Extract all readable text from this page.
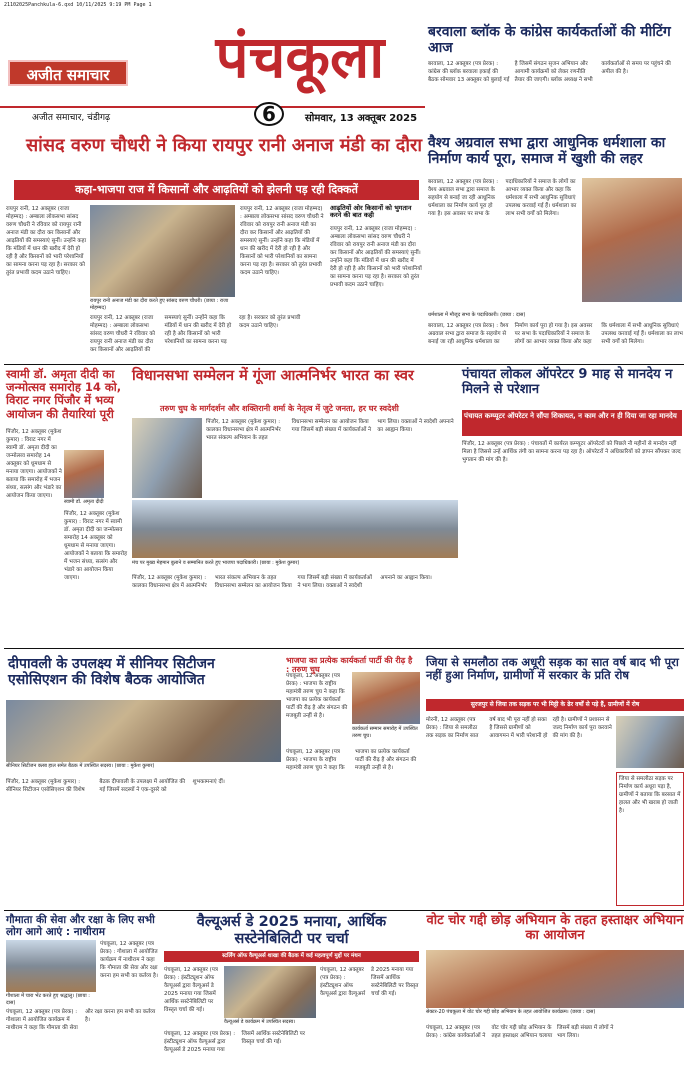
21102025Panchkula-6.qxd 10/11/2025 9:19 PM Page 1
अजीत समाचार	पंचकूला
अजीत समाचार, चंडीगढ़	6	सोमवार, 13 अक्तूबर 2025
बरवाला ब्लॉक के कांग्रेस कार्यकर्ताओं की मीटिंग आज
बरवाला, 12 अक्तूबर (पत्र प्रेरक) : कांग्रेस की ब्लॉक बरवाला इकाई की बैठक सोमवार 13 अक्तूबर को बुलाई गई है जिसमें संगठन सृजन अभियान और आगामी कार्यक्रमों को लेकर रणनीति तैयार की जाएगी। ब्लॉक अध्यक्ष ने सभी कार्यकर्ताओं से समय पर पहुंचने की अपील की है।
वैश्य अग्रवाल सभा द्वारा आधुनिक धर्मशाला का निर्माण कार्य पूरा, समाज में खुशी की लहर
बरवाला, 12 अक्तूबर (पत्र प्रेरक) : वैश्य अग्रवाल सभा द्वारा समाज के सहयोग से बनाई जा रही आधुनिक धर्मशाला का निर्माण कार्य पूरा हो गया है। इस अवसर पर सभा के पदाधिकारियों ने समाज के लोगों का आभार व्यक्त किया और कहा कि धर्मशाला में सभी आधुनिक सुविधाएं उपलब्ध करवाई गई हैं। धर्मशाला का लाभ सभी वर्गों को मिलेगा।
धर्मशाला में मौजूद सभा के पदाधिकारी। (छाया : दास)
बरवाला, 12 अक्तूबर (पत्र प्रेरक) : वैश्य अग्रवाल सभा द्वारा समाज के सहयोग से बनाई जा रही आधुनिक धर्मशाला का निर्माण कार्य पूरा हो गया है। इस अवसर पर सभा के पदाधिकारियों ने समाज के लोगों का आभार व्यक्त किया और कहा कि धर्मशाला में सभी आधुनिक सुविधाएं उपलब्ध करवाई गई हैं। धर्मशाला का लाभ सभी वर्गों को मिलेगा।
सांसद वरुण चौधरी ने किया रायपुर रानी अनाज मंडी का दौरा
कहा-भाजपा राज में किसानों और आढ़तियों को झेलनी पड़ रही दिक्कतें
रायपुर रानी, 12 अक्तूबर (राजा मोहम्मद) : अम्बाला लोकसभा सांसद वरुण चौधरी ने रविवार को रायपुर रानी अनाज मंडी का दौरा कर किसानों और आढ़तियों की समस्याएं सुनीं। उन्होंने कहा कि मंडियों में धान की खरीद में देरी हो रही है और किसानों को भारी परेशानियों का सामना करना पड़ रहा है। सरकार को तुरंत प्रभावी कदम उठाने चाहिए।
रायपुर रानी अनाज मंडी का दौरा करते हुए सांसद वरुण चौधरी। (छाया : राजा मोहम्मद)
रायपुर रानी, 12 अक्तूबर (राजा मोहम्मद) : अम्बाला लोकसभा सांसद वरुण चौधरी ने रविवार को रायपुर रानी अनाज मंडी का दौरा कर किसानों और आढ़तियों की समस्याएं सुनीं। उन्होंने कहा कि मंडियों में धान की खरीद में देरी हो रही है और किसानों को भारी परेशानियों का सामना करना पड़ रहा है। सरकार को तुरंत प्रभावी कदम उठाने चाहिए।
रायपुर रानी, 12 अक्तूबर (राजा मोहम्मद) : अम्बाला लोकसभा सांसद वरुण चौधरी ने रविवार को रायपुर रानी अनाज मंडी का दौरा कर किसानों और आढ़तियों की समस्याएं सुनीं। उन्होंने कहा कि मंडियों में धान की खरीद में देरी हो रही है और किसानों को भारी परेशानियों का सामना करना पड़ रहा है। सरकार को तुरंत प्रभावी कदम उठाने चाहिए।
आढ़तियों ओर किसानों को भुगतान करने की बात कही
रायपुर रानी, 12 अक्तूबर (राजा मोहम्मद) : अम्बाला लोकसभा सांसद वरुण चौधरी ने रविवार को रायपुर रानी अनाज मंडी का दौरा कर किसानों और आढ़तियों की समस्याएं सुनीं। उन्होंने कहा कि मंडियों में धान की खरीद में देरी हो रही है और किसानों को भारी परेशानियों का सामना करना पड़ रहा है। सरकार को तुरंत प्रभावी कदम उठाने चाहिए।
स्वामी डॉ. अमृता दीदी का जन्मोत्सव समारोह 14 को, विराट नगर पिंजौर में भव्य आयोजन की तैयारियां पूरी
पिंजौर, 12 अक्तूबर (मुकेश कुमार) : विराट नगर में स्वामी डॉ. अमृता दीदी का जन्मोत्सव समारोह 14 अक्तूबर को धूमधाम से मनाया जाएगा। आयोजकों ने बताया कि समारोह में भजन संध्या, सत्संग और भंडारे का आयोजन किया जाएगा।
स्वामी डॉ. अमृता दीदी
पिंजौर, 12 अक्तूबर (मुकेश कुमार) : विराट नगर में स्वामी डॉ. अमृता दीदी का जन्मोत्सव समारोह 14 अक्तूबर को धूमधाम से मनाया जाएगा। आयोजकों ने बताया कि समारोह में भजन संध्या, सत्संग और भंडारे का आयोजन किया जाएगा।
विधानसभा सम्मेलन में गूंजा आत्मनिर्भर भारत का स्वर
तरुण चुघ के मार्गदर्शन और शक्तिरानी शर्मा के नेतृत्व में जुटे जनता, हर घर स्वदेशी
पिंजौर, 12 अक्तूबर (मुकेश कुमार) : कालका विधानसभा क्षेत्र में आत्मनिर्भर भारत संकल्प अभियान के तहत विधानसभा सम्मेलन का आयोजन किया गया जिसमें बड़ी संख्या में कार्यकर्ताओं ने भाग लिया। वक्ताओं ने स्वदेशी अपनाने का आह्वान किया।
मंच पर मुख्य मेहमान बुलाने व सम्मानित करते हुए भाजपा पदाधिकारी। (छाया : मुकेश कुमार)
पिंजौर, 12 अक्तूबर (मुकेश कुमार) : कालका विधानसभा क्षेत्र में आत्मनिर्भर भारत संकल्प अभियान के तहत विधानसभा सम्मेलन का आयोजन किया गया जिसमें बड़ी संख्या में कार्यकर्ताओं ने भाग लिया। वक्ताओं ने स्वदेशी अपनाने का आह्वान किया।
पंचायत लोकल ऑपरेटर 9 माह से मानदेय न मिलने से परेशान
पंचायत कम्प्यूटर ऑपरेटर ने सौंपा शिकायत, न काम और न ही दिया जा रहा मानदेय
पिंजौर, 12 अक्तूबर (पत्र प्रेरक) : पंचायतों में कार्यरत कम्प्यूटर ऑपरेटरों को पिछले नौ महीनों से मानदेय नहीं मिला है जिससे उन्हें आर्थिक तंगी का सामना करना पड़ रहा है। ऑपरेटरों ने अधिकारियों को ज्ञापन सौंपकर जल्द भुगतान की मांग की है।
दीपावली के उपलक्ष्य में सीनियर सिटीजन एसोसिएशन की विशेष बैठक आयोजित
सीनियर सिटीजन क्लब हाल समेत बैठक में उपस्थित सदस्य। (छाया : मुकेश कुमार)
पिंजौर, 12 अक्तूबर (मुकेश कुमार) : सीनियर सिटीजन एसोसिएशन की विशेष बैठक दीपावली के उपलक्ष्य में आयोजित की गई जिसमें सदस्यों ने एक-दूसरे को शुभकामनाएं दीं।
भाजपा का प्रत्येक कार्यकर्ता पार्टी की रीढ़ है : तरुण चुघ
पंचकूला, 12 अक्तूबर (पत्र प्रेरक) : भाजपा के राष्ट्रीय महामंत्री तरुण चुघ ने कहा कि भाजपा का प्रत्येक कार्यकर्ता पार्टी की रीढ़ है और संगठन की मजबूती उन्हीं से है।
कार्यकर्ता सम्मान समारोह में उपस्थित तरुण चुघ।
पंचकूला, 12 अक्तूबर (पत्र प्रेरक) : भाजपा के राष्ट्रीय महामंत्री तरुण चुघ ने कहा कि भाजपा का प्रत्येक कार्यकर्ता पार्टी की रीढ़ है और संगठन की मजबूती उन्हीं से है।
जिया से समलौठा तक अधूरी सड़क का सात वर्ष बाद भी पूरा नहीं हुआ निर्माण, ग्रामीणों में सरकार के प्रति रोष
सुरजपुर से जिया तक सड़क पर भी मिट्टी के ढेर वर्षों से पड़े हैं, ग्रामीणों में रोष
मोरनी, 12 अक्तूबर (पत्र प्रेरक) : जिया से समलौठा तक सड़क का निर्माण सात वर्ष बाद भी पूरा नहीं हो सका है जिससे ग्रामीणों को आवागमन में भारी परेशानी हो रही है। ग्रामीणों ने प्रशासन से जल्द निर्माण कार्य पूरा करवाने की मांग की है।
जिया से समलौठा सड़क पर निर्माण कार्य अधूरा पड़ा है, ग्रामीणों ने बताया कि बरसात में हालत और भी खराब हो जाती है।
गौमाता की सेवा और रक्षा के लिए सभी लोग आगे आएं : नाथीराम
गौशाला में चारा भेंट करते हुए श्रद्धालु। (छाया : दास)
पंचकूला, 12 अक्तूबर (पत्र प्रेरक) : गौशाला में आयोजित कार्यक्रम में नाथीराम ने कहा कि गौमाता की सेवा और रक्षा करना हम सभी का कर्तव्य है।
पंचकूला, 12 अक्तूबर (पत्र प्रेरक) : गौशाला में आयोजित कार्यक्रम में नाथीराम ने कहा कि गौमाता की सेवा और रक्षा करना हम सभी का कर्तव्य है।
वैल्यूअर्स डे 2025 मनाया, आर्थिक सस्टेनेबिलिटी पर चर्चा
स्टर्लिंग ऑफ वैल्यूअर्स शाखा की बैठक में कई महत्वपूर्ण मुद्दों पर मंथन
पंचकूला, 12 अक्तूबर (पत्र प्रेरक) : इंस्टीट्यूशन ऑफ वैल्यूअर्स द्वारा वैल्यूअर्स डे 2025 मनाया गया जिसमें आर्थिक सस्टेनेबिलिटी पर विस्तृत चर्चा की गई।
वैल्यूअर्स डे कार्यक्रम में उपस्थित सदस्य।
पंचकूला, 12 अक्तूबर (पत्र प्रेरक) : इंस्टीट्यूशन ऑफ वैल्यूअर्स द्वारा वैल्यूअर्स डे 2025 मनाया गया जिसमें आर्थिक सस्टेनेबिलिटी पर विस्तृत चर्चा की गई।
पंचकूला, 12 अक्तूबर (पत्र प्रेरक) : इंस्टीट्यूशन ऑफ वैल्यूअर्स द्वारा वैल्यूअर्स डे 2025 मनाया गया जिसमें आर्थिक सस्टेनेबिलिटी पर विस्तृत चर्चा की गई।
वोट चोर गद्दी छोड़ अभियान के तहत हस्ताक्षर अभियान का आयोजन
सेक्टर-20 पंचकूला में वोट चोर गद्दी छोड़ अभियान के तहत आयोजित कार्यक्रम। (छाया : दास)
पंचकूला, 12 अक्तूबर (पत्र प्रेरक) : कांग्रेस कार्यकर्ताओं ने वोट चोर गद्दी छोड़ अभियान के तहत हस्ताक्षर अभियान चलाया जिसमें बड़ी संख्या में लोगों ने भाग लिया।
